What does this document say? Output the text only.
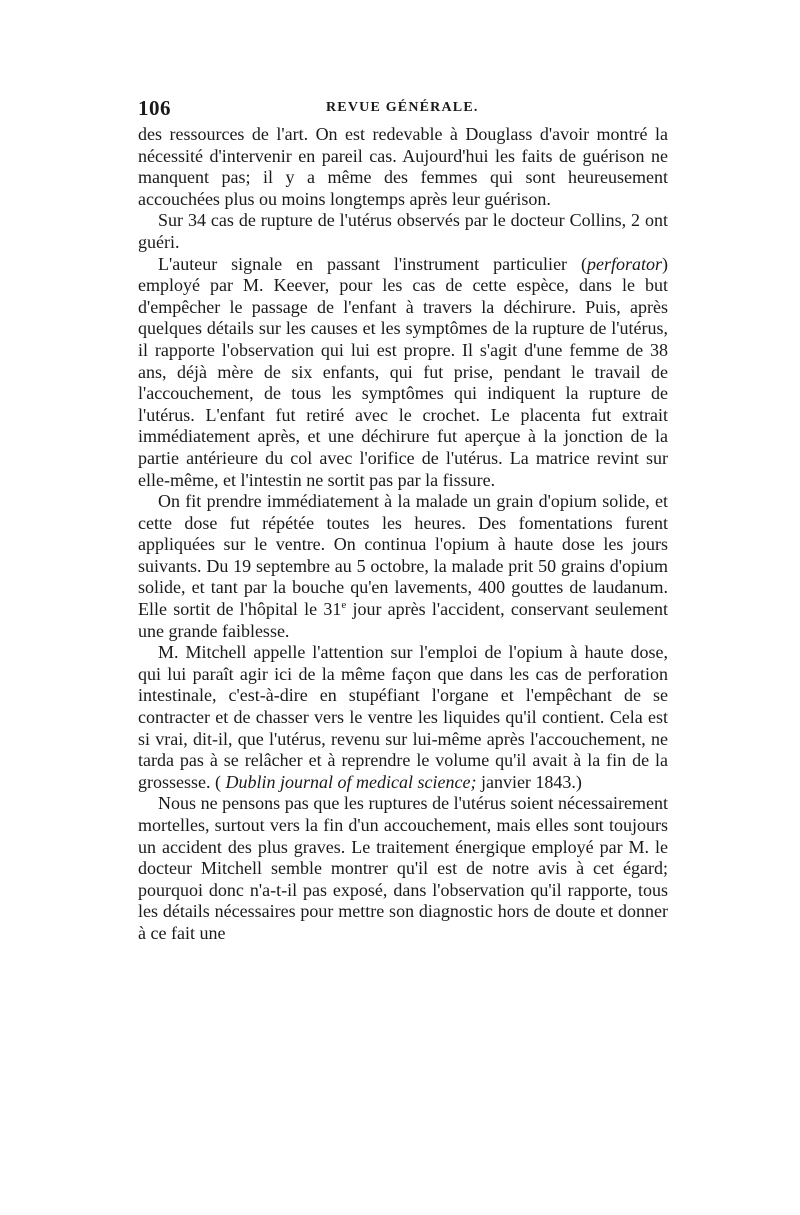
106	REVUE GÉNÉRALE.

des ressources de l'art. On est redevable à Douglass d'avoir montré la nécessité d'intervenir en pareil cas. Aujourd'hui les faits de guérison ne manquent pas; il y a même des femmes qui sont heureusement accouchées plus ou moins longtemps après leur guérison.

Sur 34 cas de rupture de l'utérus observés par le docteur Collins, 2 ont guéri.

L'auteur signale en passant l'instrument particulier (perforator) employé par M. Keever, pour les cas de cette espèce, dans le but d'empêcher le passage de l'enfant à travers la déchirure. Puis, après quelques détails sur les causes et les symptômes de la rupture de l'utérus, il rapporte l'observation qui lui est propre. Il s'agit d'une femme de 38 ans, déjà mère de six enfants, qui fut prise, pendant le travail de l'accouchement, de tous les symptômes qui indiquent la rupture de l'utérus. L'enfant fut retiré avec le crochet. Le placenta fut extrait immédiatement après, et une déchirure fut aperçue à la jonction de la partie antérieure du col avec l'orifice de l'utérus. La matrice revint sur elle-même, et l'intestin ne sortit pas par la fissure.

On fit prendre immédiatement à la malade un grain d'opium solide, et cette dose fut répétée toutes les heures. Des fomentations furent appliquées sur le ventre. On continua l'opium à haute dose les jours suivants. Du 19 septembre au 5 octobre, la malade prit 50 grains d'opium solide, et tant par la bouche qu'en lavements, 400 gouttes de laudanum. Elle sortit de l'hôpital le 31e jour après l'accident, conservant seulement une grande faiblesse.

M. Mitchell appelle l'attention sur l'emploi de l'opium à haute dose, qui lui paraît agir ici de la même façon que dans les cas de perforation intestinale, c'est-à-dire en stupéfiant l'organe et l'empêchant de se contracter et de chasser vers le ventre les liquides qu'il contient. Cela est si vrai, dit-il, que l'utérus, revenu sur lui-même après l'accouchement, ne tarda pas à se relâcher et à reprendre le volume qu'il avait à la fin de la grossesse. ( Dublin journal of medical science; janvier 1843.)

Nous ne pensons pas que les ruptures de l'utérus soient nécessairement mortelles, surtout vers la fin d'un accouchement, mais elles sont toujours un accident des plus graves. Le traitement énergique employé par M. le docteur Mitchell semble montrer qu'il est de notre avis à cet égard; pourquoi donc n'a-t-il pas exposé, dans l'observation qu'il rapporte, tous les détails nécessaires pour mettre son diagnostic hors de doute et donner à ce fait une
